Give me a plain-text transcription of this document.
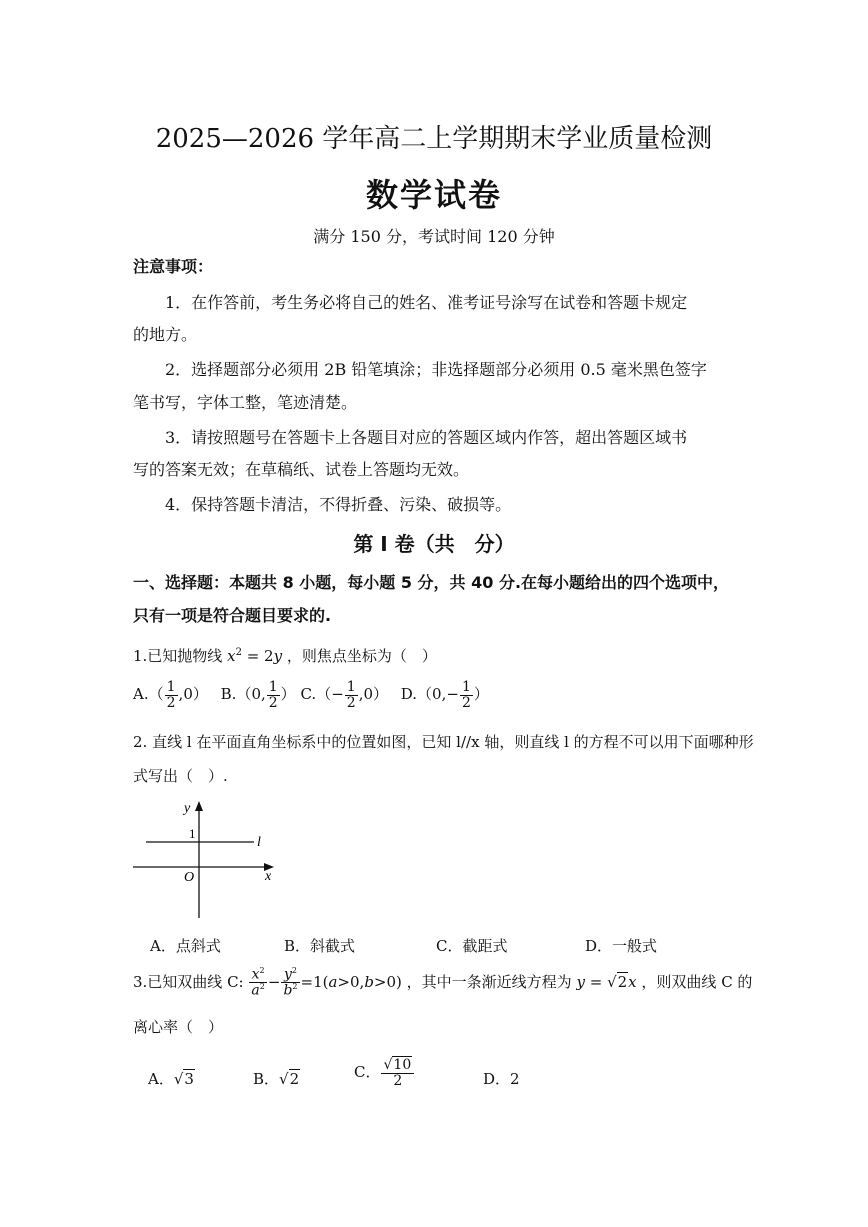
2025—2026 学年高二上学期期末学业质量检测
数学试卷
满分 150 分，考试时间 120 分钟
注意事项：
1．在作答前，考生务必将自己的姓名、准考证号涂写在试卷和答题卡规定
的地方。
2．选择题部分必须用 2B 铅笔填涂；非选择题部分必须用 0.5 毫米黑色签字
笔书写，字体工整，笔迹清楚。
3．请按照题号在答题卡上各题目对应的答题区域内作答，超出答题区域书
写的答案无效；在草稿纸、试卷上答题均无效。
4．保持答题卡清洁，不得折叠、污染、破损等。
第 I 卷（共　分）
一、选择题：本题共 8 小题，每小题 5 分，共 40 分.在每小题给出的四个选项中，
只有一项是符合题目要求的.
1.已知抛物线 $x^2 = 2y$ ，则焦点坐标为（　）
$A.( \frac{1}{2} ,0)$ B.（0, $\frac{1}{2}$ ） $C.(- \frac{1}{2} ,0)$ $D.(0,- \frac{1}{2}$ ）
2. 直线 l 在平面直角坐标系中的位置如图，已知 l//x 轴，则直线 l 的方程不可以用下面哪种形
式写出（　）.
y
x
O
1
l
A．点斜式	B．斜截式	C．截距式	D．一般式
3.已知双曲线 C: $\frac{x^2}{a^2} - \frac{y^2}{b^2} =1(a>0,b>0)$ ，其中一条渐近线方程为 y = √2x ，则双曲线 C 的
离心率（　）
A．√3	B．√2	C． $\frac{√10}{2}$	D．2
